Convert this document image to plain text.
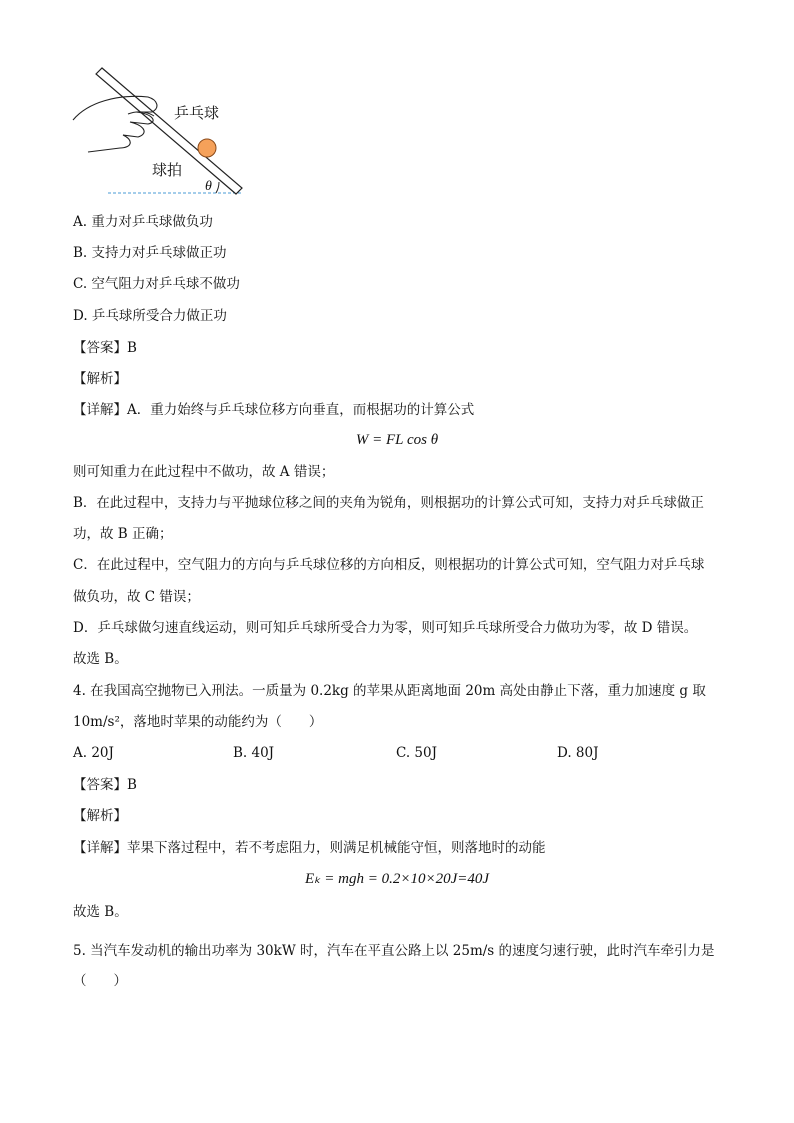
乒乓球
球拍
θ
A. 重力对乒乓球做负功
B. 支持力对乒乓球做正功
C. 空气阻力对乒乓球不做功
D. 乒乓球所受合力做正功
【答案】B
【解析】
【详解】A．重力始终与乒乓球位移方向垂直，而根据功的计算公式
W = FL cos θ
则可知重力在此过程中不做功，故 A 错误；
B．在此过程中，支持力与平抛球位移之间的夹角为锐角，则根据功的计算公式可知，支持力对乒乓球做正
功，故 B 正确；
C．在此过程中，空气阻力的方向与乒乓球位移的方向相反，则根据功的计算公式可知，空气阻力对乒乓球
做负功，故 C 错误；
D．乒乓球做匀速直线运动，则可知乒乓球所受合力为零，则可知乒乓球所受合力做功为零，故 D 错误。
故选 B。
4. 在我国高空抛物已入刑法。一质量为 0.2kg 的苹果从距离地面 20m 高处由静止下落，重力加速度 g 取
10m/s²，落地时苹果的动能约为（　　）
A. 20J	B. 40J	C. 50J	D. 80J
【答案】B
【解析】
【详解】苹果下落过程中，若不考虑阻力，则满足机械能守恒，则落地时的动能
Eₖ = mgh = 0.2×10×20J=40J
故选 B。
5. 当汽车发动机的输出功率为 30kW 时，汽车在平直公路上以 25m/s 的速度匀速行驶，此时汽车牵引力是
（　　）
